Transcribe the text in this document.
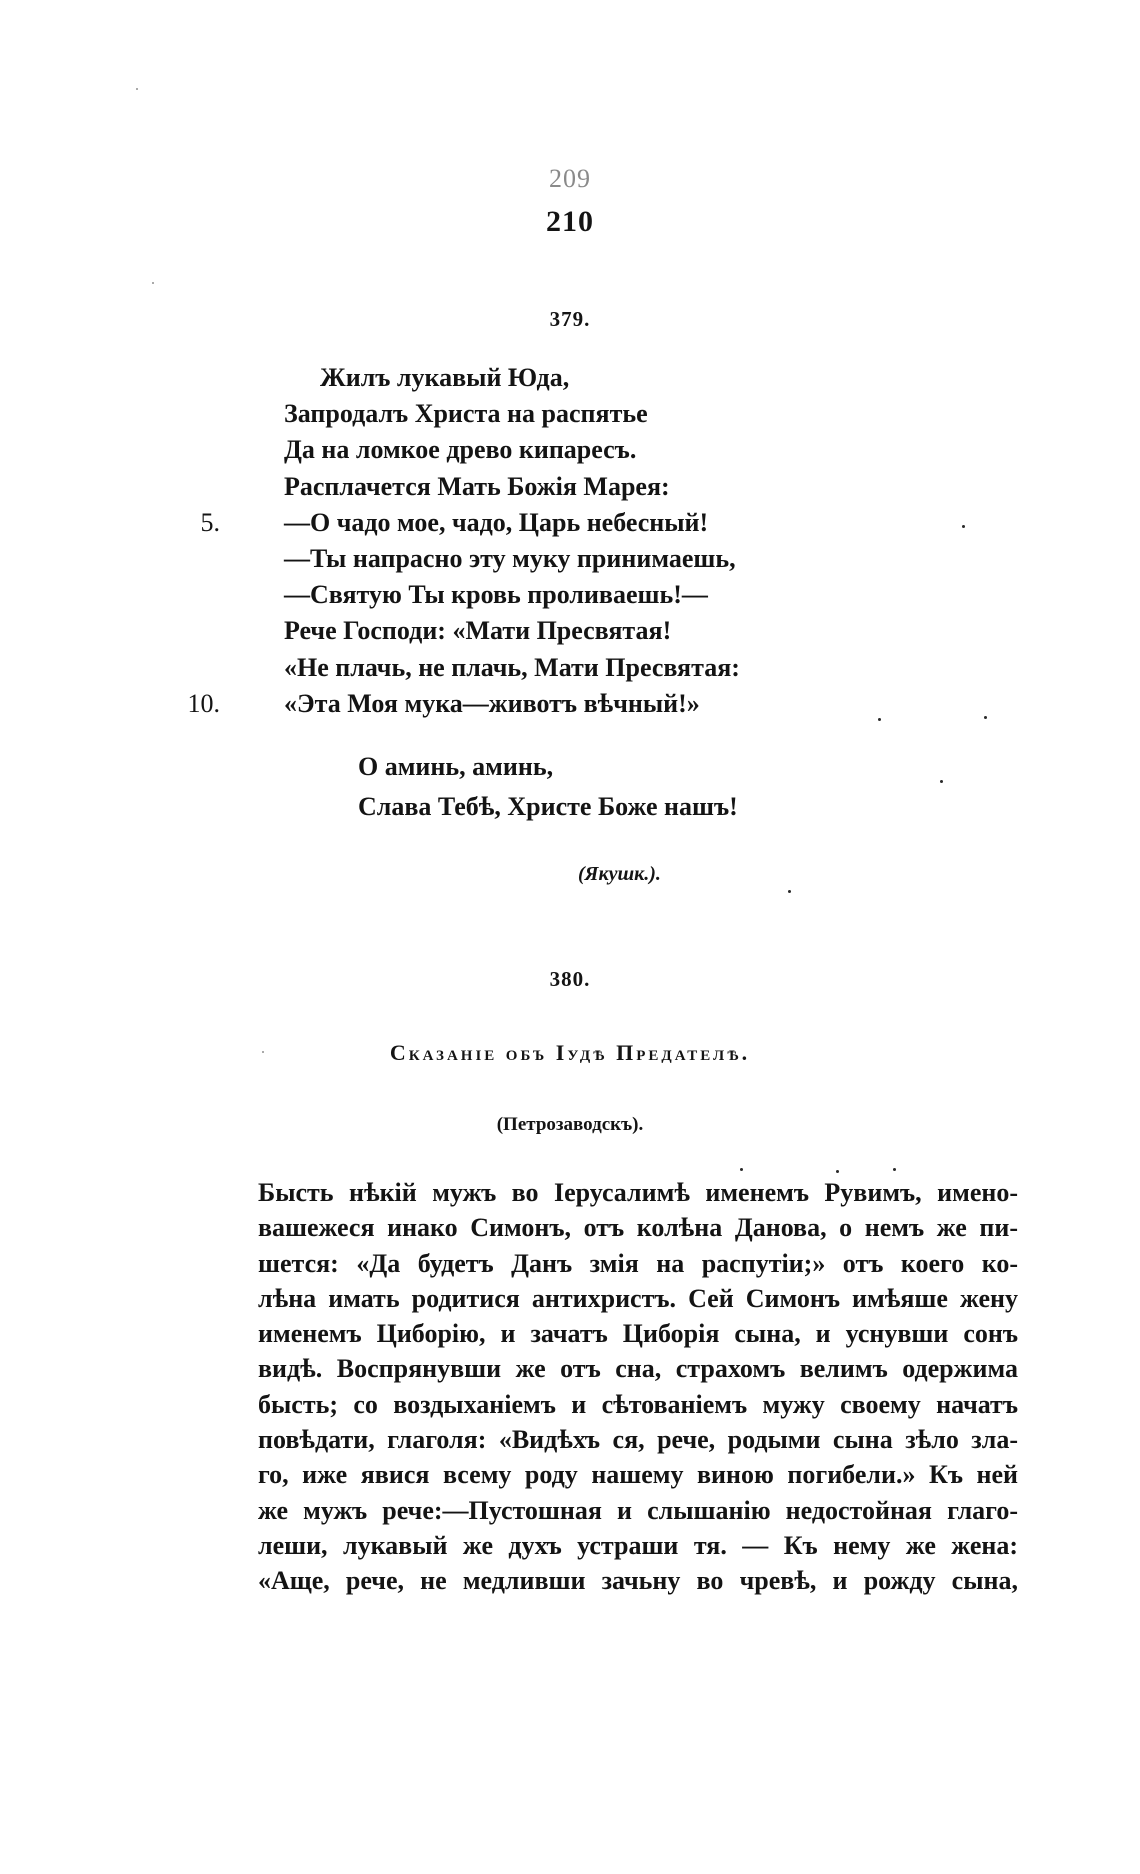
209
210
379.
Жилъ лукавый Юда,
Запродалъ Христа на распятье
Да на ломкое древо кипаресъ.
Расплачется Мать Божія Марея:
5. —О чадо мое, чадо, Царь небесный!
—Ты напрасно эту муку принимаешь,
—Святую Ты кровь проливаешь!—
Рече Господи: «Мати Пресвятая!
«Не плачь, не плачь, Мати Пресвятая:
10. «Эта Моя мука—животъ вѣчный!»
О аминь, аминь,
Слава Тебѣ, Христе Боже нашъ!
(Якушк.).
380.
Сказаніе объ Іудѣ Предателѣ.
(Петрозаводскъ).
Бысть нѣкій мужъ во Іерусалимѣ именемъ Рувимъ, имено-
вашежеся инако Симонъ, отъ колѣна Данова, о немъ же пи-
шется: «Да будетъ Данъ змія на распутіи;» отъ коего ко-
лѣна имать родитися антихристъ. Сей Симонъ имѣяше жену
именемъ Циборію, и зачатъ Циборія сына, и уснувши сонъ
видѣ. Воспрянувши же отъ сна, страхомъ велимъ одержима
бысть; со воздыханіемъ и сѣтованіемъ мужу своему начатъ
повѣдати, глаголя: «Видѣхъ ся, рече, родыми сына зѣло зла-
го, иже явися всему роду нашему виною погибели.» Къ ней
же мужъ рече:—Пустошная и слышанію недостойная глаго-
леши, лукавый же духъ устраши тя. — Къ нему же жена:
«Аще, рече, не медливши зачьну во чревѣ, и рожду сына,
